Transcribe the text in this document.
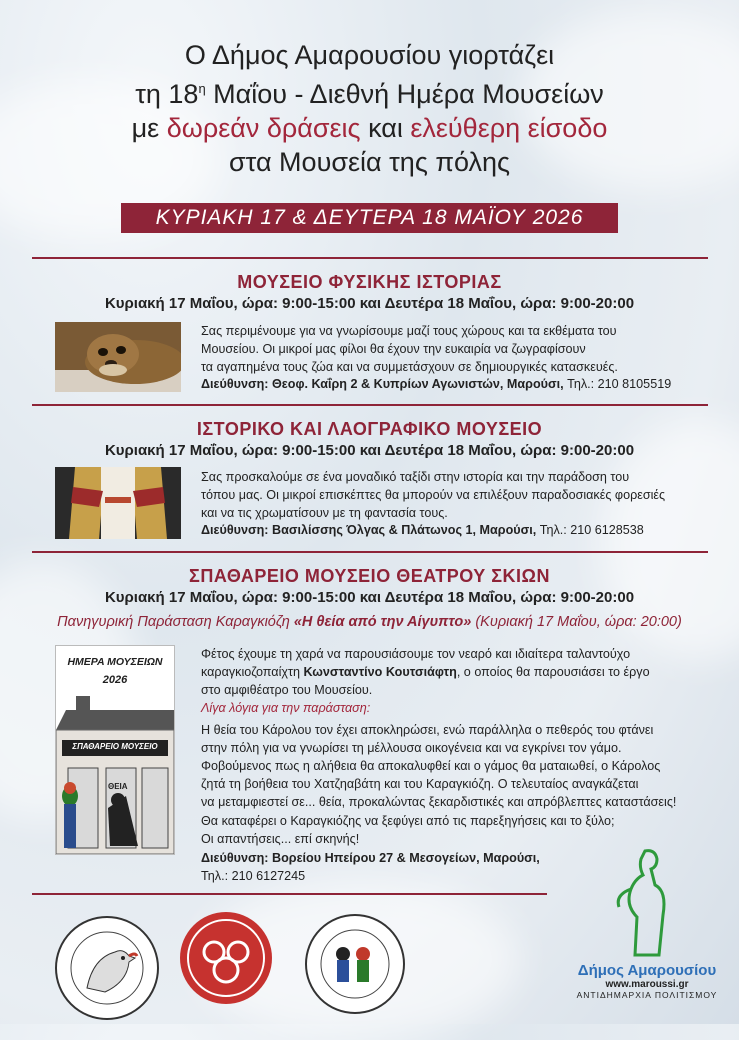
Ο Δήμος Αμαρουσίου γιορτάζει
τη $18^\eta$ Μαΐου - Διεθνή Ημέρα Μουσείων
με δωρεάν δράσεις και ελεύθερη είσοδο
στα Μουσεία της πόλης
ΚΥΡΙΑΚΗ 17 & ΔΕΥΤΕΡΑ 18 ΜΑΪΟΥ 2026
ΜΟΥΣΕΙΟ ΦΥΣΙΚΗΣ ΙΣΤΟΡΙΑΣ
Κυριακή 17 Μαΐου, ώρα: 9:00-15:00 και Δευτέρα 18 Μαΐου, ώρα: 9:00-20:00
Σας περιμένουμε για να γνωρίσουμε μαζί τους χώρους και τα εκθέματα του
Μουσείου. Οι μικροί μας φίλοι θα έχουν την ευκαιρία να ζωγραφίσουν
τα αγαπημένα τους ζώα και να συμμετάσχουν σε δημιουργικές κατασκευές.
Διεύθυνση: Θεοφ. Καΐρη 2 & Κυπρίων Αγωνιστών, Μαρούσι, Τηλ.: 210 8105519
ΙΣΤΟΡΙΚΟ ΚΑΙ ΛΑΟΓΡΑΦΙΚΟ ΜΟΥΣΕΙΟ
Κυριακή 17 Μαΐου, ώρα: 9:00-15:00 και Δευτέρα 18 Μαΐου, ώρα: 9:00-20:00
Σας προσκαλούμε σε ένα μοναδικό ταξίδι στην ιστορία και την παράδοση του
τόπου μας. Οι μικροί επισκέπτες θα μπορούν να επιλέξουν παραδοσιακές φορεσιές
και να τις χρωματίσουν με τη φαντασία τους.
Διεύθυνση: Βασιλίσσης Όλγας & Πλάτωνος 1, Μαρούσι, Τηλ.: 210 6128538
ΣΠΑΘΑΡΕΙΟ ΜΟΥΣΕΙΟ ΘΕΑΤΡΟΥ ΣΚΙΩΝ
Κυριακή 17 Μαΐου, ώρα: 9:00-15:00 και Δευτέρα 18 Μαΐου, ώρα: 9:00-20:00
Πανηγυρική Παράσταση Καραγκιόζη «Η θεία από την Αίγυπτο» (Κυριακή 17 Μαΐου, ώρα: 20:00)
ΗΜΕΡΑ ΜΟΥΣΕΙΩΝ
2026
ΣΠΑΘΑΡΕΙΟ ΜΟΥΣΕΙΟ
ΘΕΙΑ
Φέτος έχουμε τη χαρά να παρουσιάσουμε τον νεαρό και ιδιαίτερα ταλαντούχο
καραγκιοζοπαίχτη Κωνσταντίνο Κουτσιάφτη, ο οποίος θα παρουσιάσει το έργο
στο αμφιθέατρο του Μουσείου.
Λίγα λόγια για την παράσταση:
Η θεία του Κάρολου τον έχει αποκληρώσει, ενώ παράλληλα ο πεθερός του φτάνει
στην πόλη για να γνωρίσει τη μέλλουσα οικογένεια και να εγκρίνει τον γάμο.
Φοβούμενος πως η αλήθεια θα αποκαλυφθεί και ο γάμος θα ματαιωθεί, ο Κάρολος
ζητά τη βοήθεια του Χατζηαβάτη και του Καραγκιόζη. Ο τελευταίος αναγκάζεται
να μεταμφιεστεί σε... θεία, προκαλώντας ξεκαρδιστικές και απρόβλεπτες καταστάσεις!
Θα καταφέρει ο Καραγκιόζης να ξεφύγει από τις παρεξηγήσεις και το ξύλο;
Οι απαντήσεις... επί σκηνής!
Διεύθυνση: Βορείου Ηπείρου 27 & Μεσογείων, Μαρούσι,
Τηλ.: 210 6127245
Δήμος Αμαρουσίου
www.maroussi.gr
ΑΝΤΙΔΗΜΑΡΧΙΑ ΠΟΛΙΤΙΣΜΟΥ
